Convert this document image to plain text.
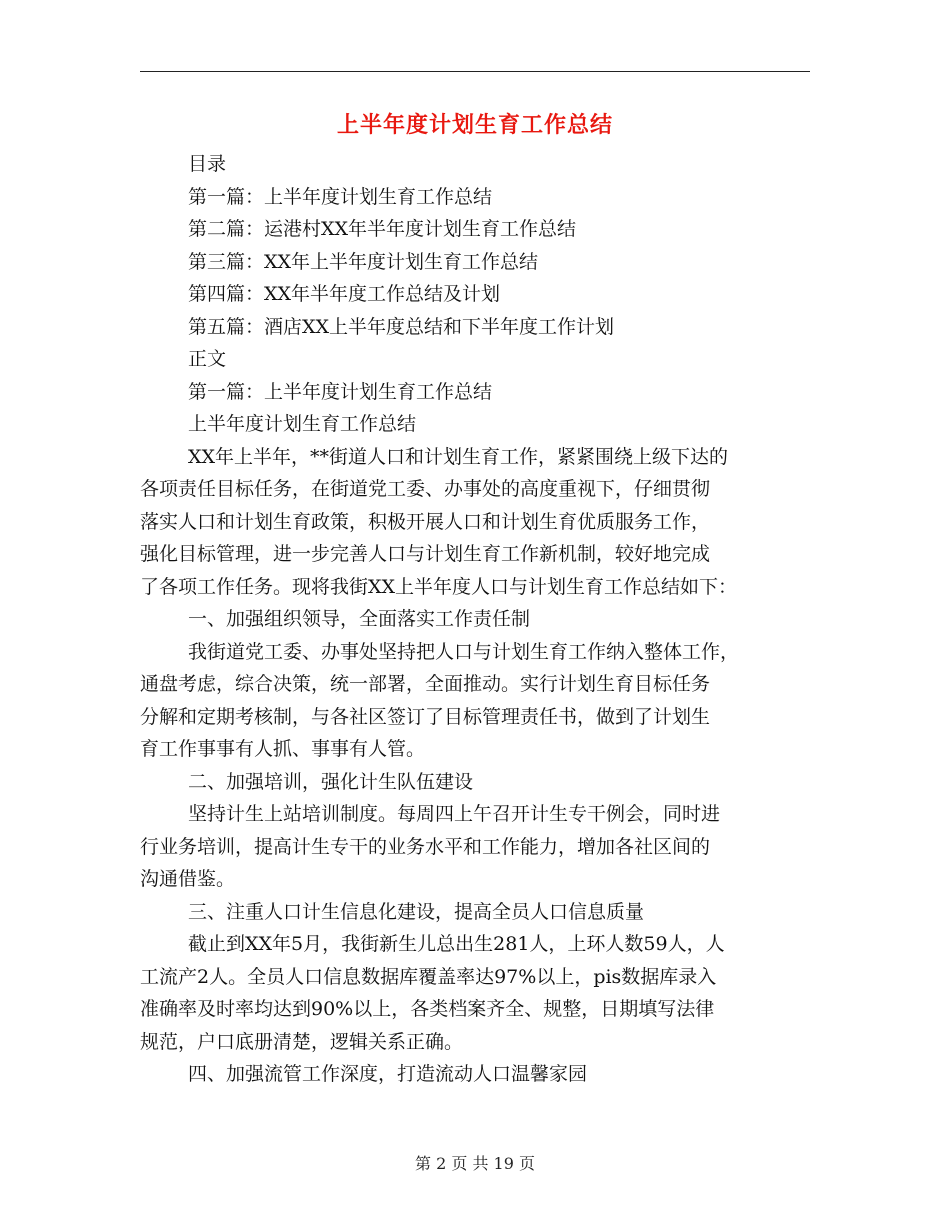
上半年度计划生育工作总结

目录

第一篇：上半年度计划生育工作总结

第二篇：运港村XX年半年度计划生育工作总结

第三篇：XX年上半年度计划生育工作总结

第四篇：XX年半年度工作总结及计划

第五篇：酒店XX上半年度总结和下半年度工作计划

正文

第一篇：上半年度计划生育工作总结

上半年度计划生育工作总结

XX年上半年，**街道人口和计划生育工作，紧紧围绕上级下达的

各项责任目标任务，在街道党工委、办事处的高度重视下，仔细贯彻

落实人口和计划生育政策，积极开展人口和计划生育优质服务工作，

强化目标管理，进一步完善人口与计划生育工作新机制，较好地完成

了各项工作任务。现将我街XX上半年度人口与计划生育工作总结如下：

一、加强组织领导，全面落实工作责任制

我街道党工委、办事处坚持把人口与计划生育工作纳入整体工作，

通盘考虑，综合决策，统一部署，全面推动。实行计划生育目标任务

分解和定期考核制，与各社区签订了目标管理责任书，做到了计划生

育工作事事有人抓、事事有人管。

二、加强培训，强化计生队伍建设

坚持计生上站培训制度。每周四上午召开计生专干例会，同时进

行业务培训，提高计生专干的业务水平和工作能力，增加各社区间的

沟通借鉴。

三、注重人口计生信息化建设，提高全员人口信息质量

截止到XX年5月，我街新生儿总出生281人，上环人数59人，人

工流产2人。全员人口信息数据库覆盖率达97%以上，pis数据库录入

准确率及时率均达到90%以上，各类档案齐全、规整，日期填写法律

规范，户口底册清楚，逻辑关系正确。

四、加强流管工作深度，打造流动人口温馨家园

第 2 页 共 19 页
